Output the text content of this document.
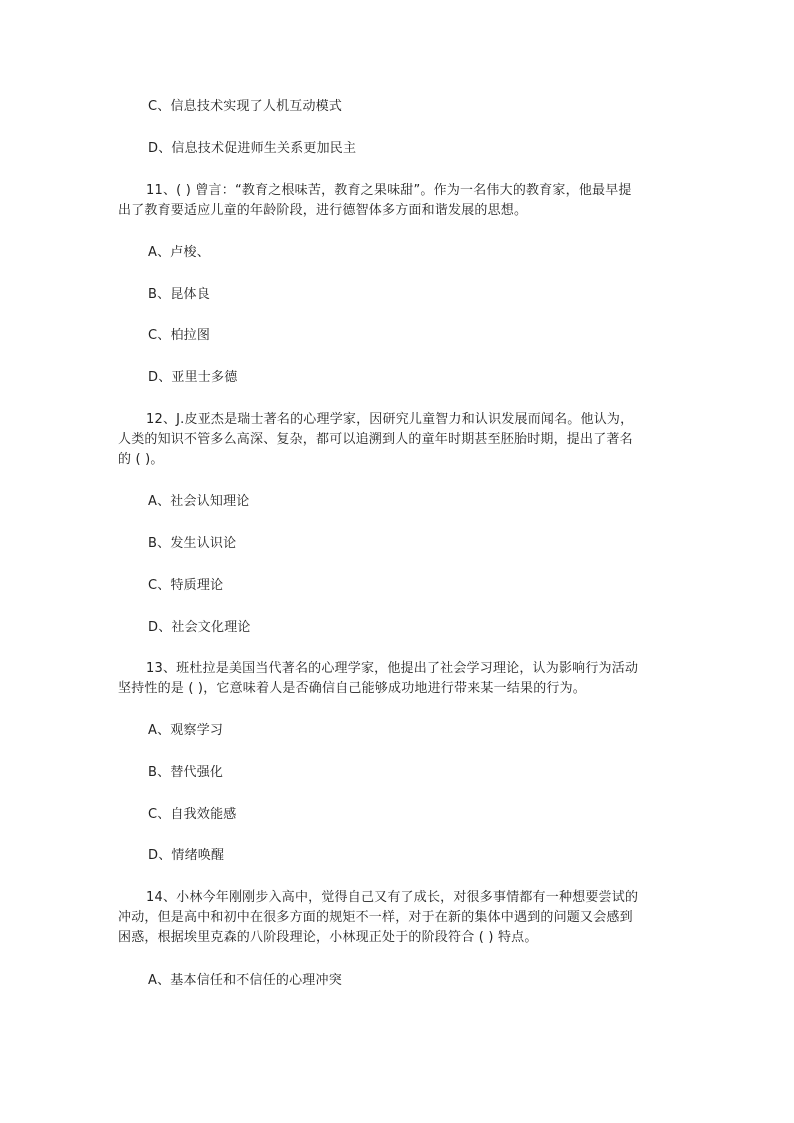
C、信息技术实现了人机互动模式
D、信息技术促进师生关系更加民主
11、( ) 曾言：“教育之根味苦，教育之果味甜”。作为一名伟大的教育家，他最早提
出了教育要适应儿童的年龄阶段，进行德智体多方面和谐发展的思想。
A、卢梭、
B、昆体良
C、柏拉图
D、亚里士多德
12、J.皮亚杰是瑞士著名的心理学家，因研究儿童智力和认识发展而闻名。他认为，
人类的知识不管多么高深、复杂，都可以追溯到人的童年时期甚至胚胎时期，提出了著名
的 ( )。
A、社会认知理论
B、发生认识论
C、特质理论
D、社会文化理论
13、班杜拉是美国当代著名的心理学家，他提出了社会学习理论，认为影响行为活动
坚持性的是 ( )，它意味着人是否确信自己能够成功地进行带来某一结果的行为。
A、观察学习
B、替代强化
C、自我效能感
D、情绪唤醒
14、小林今年刚刚步入高中，觉得自己又有了成长，对很多事情都有一种想要尝试的
冲动，但是高中和初中在很多方面的规矩不一样，对于在新的集体中遇到的问题又会感到
困惑，根据埃里克森的八阶段理论，小林现正处于的阶段符合 ( ) 特点。
A、基本信任和不信任的心理冲突
